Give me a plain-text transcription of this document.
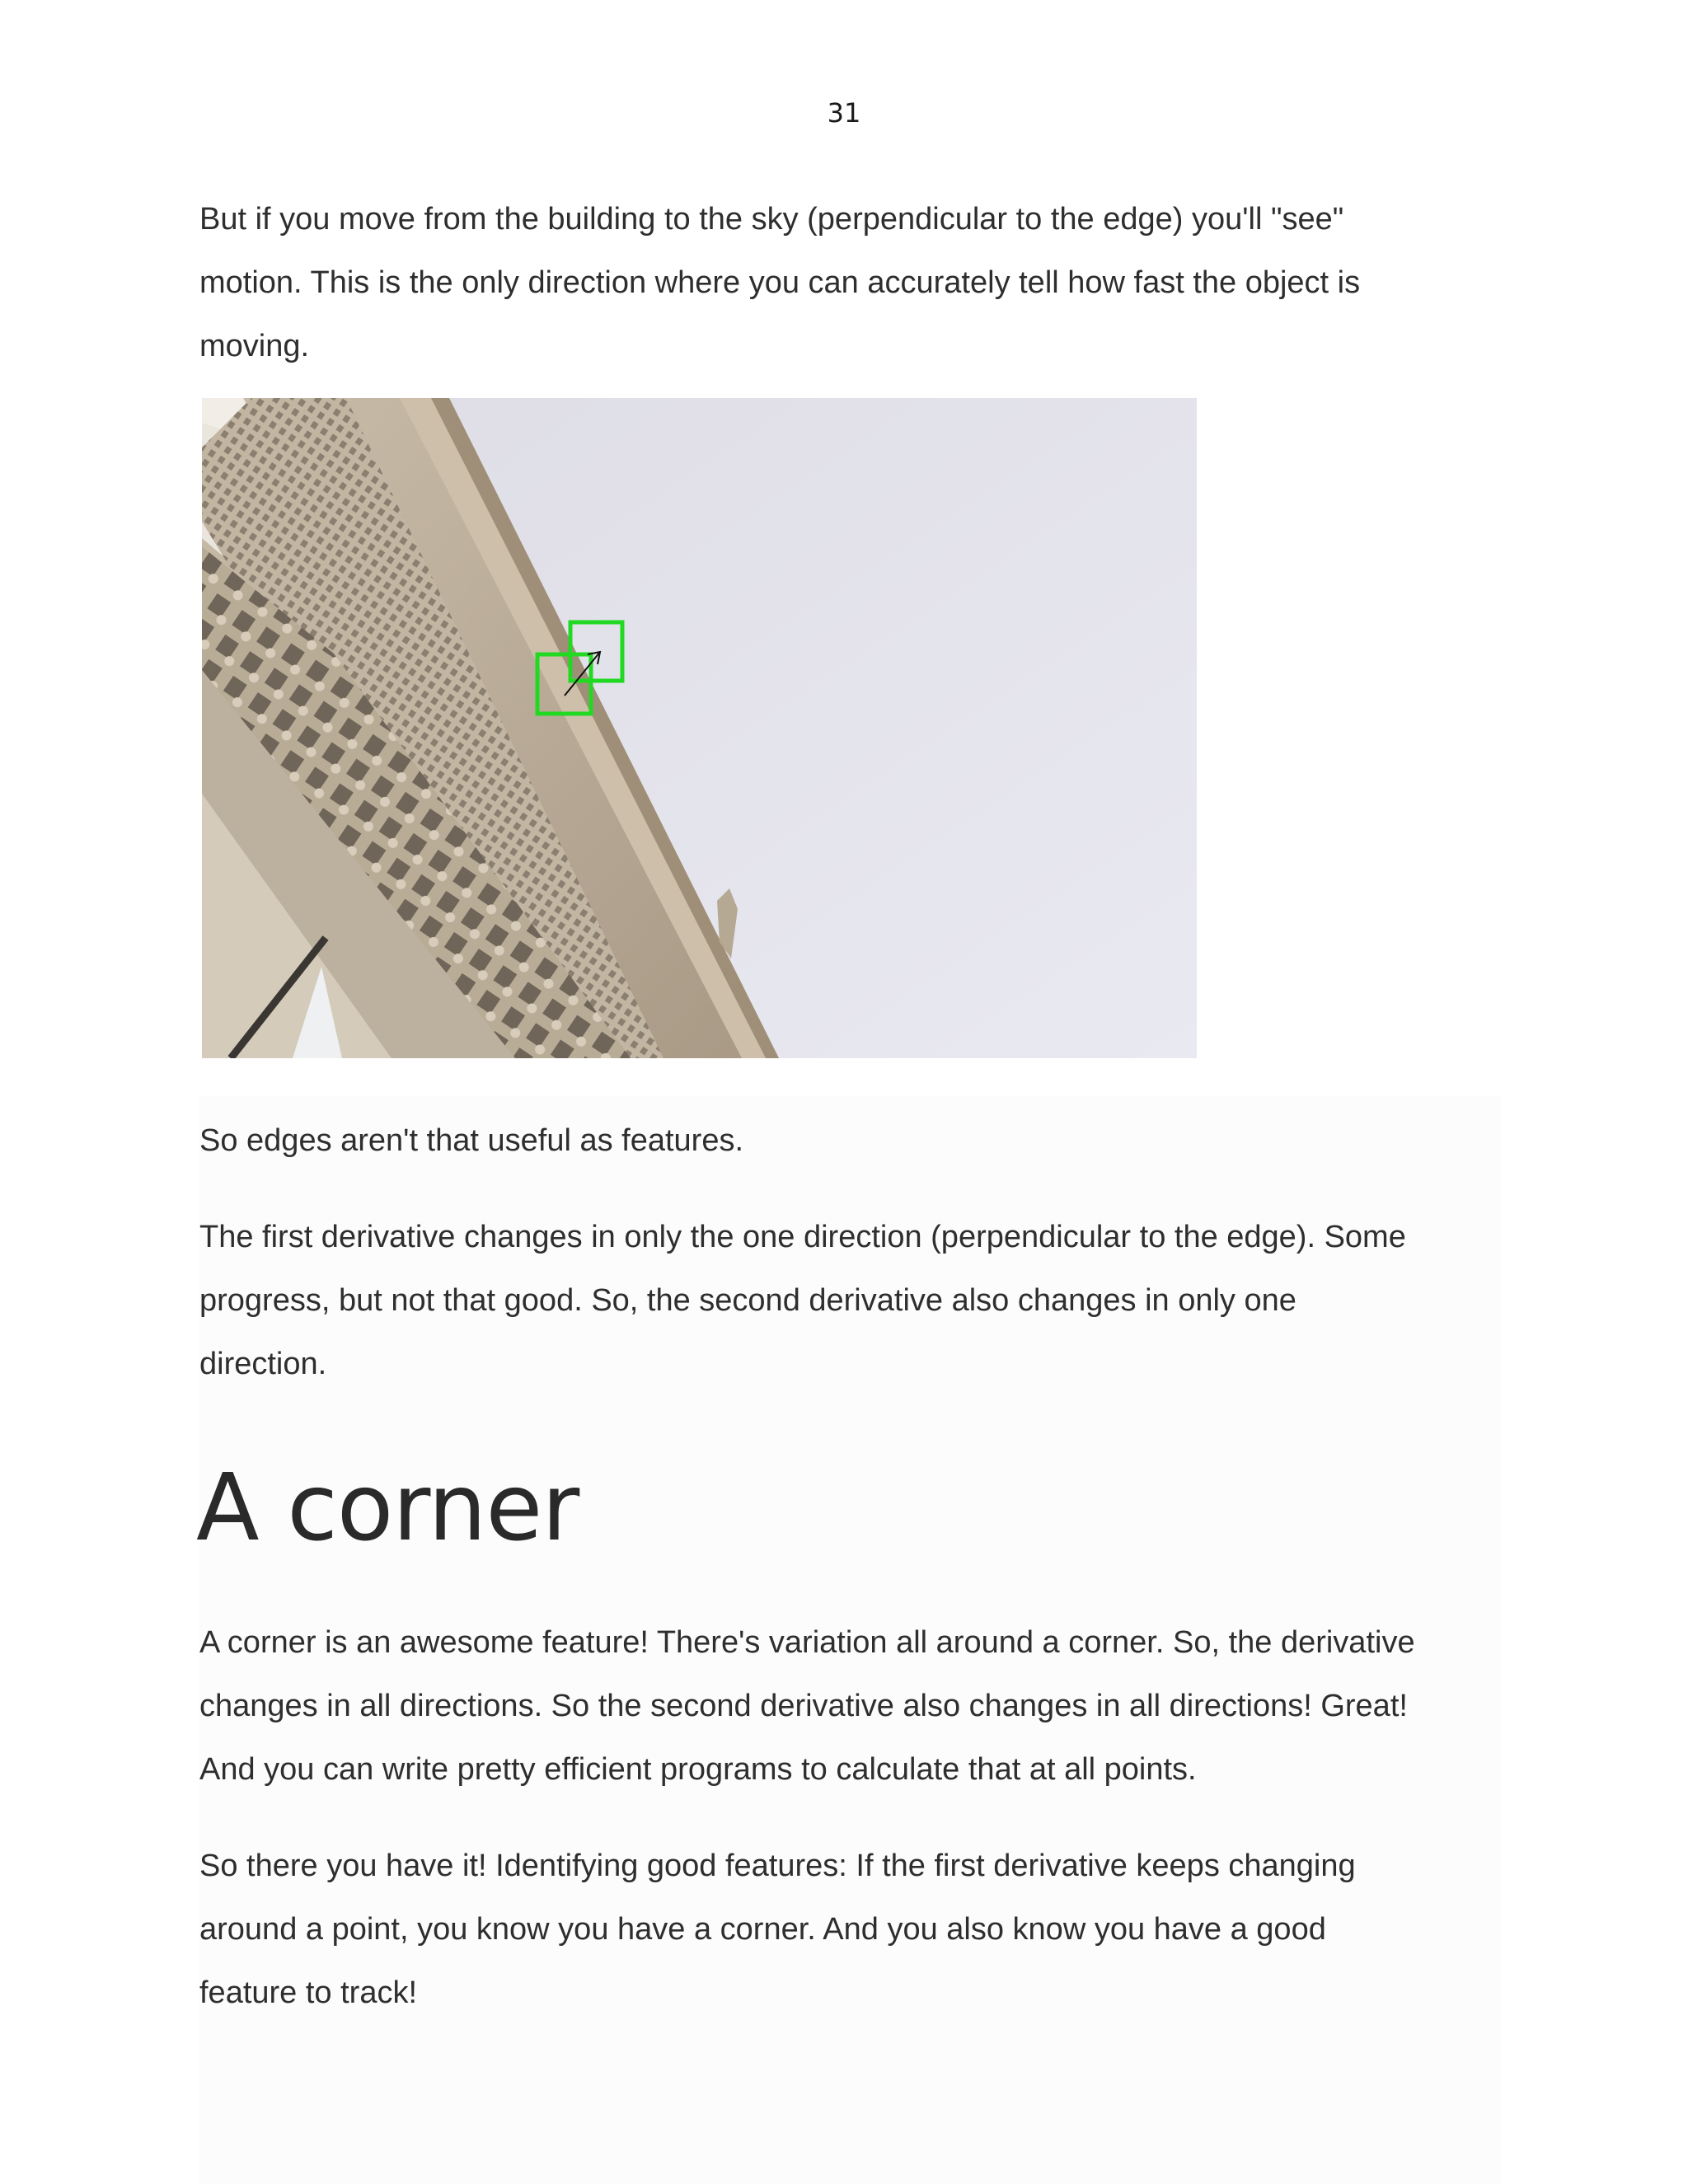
31

But if you move from the building to the sky (perpendicular to the edge) you'll "see"
motion. This is the only direction where you can accurately tell how fast the object is
moving.

So edges aren't that useful as features.

The first derivative changes in only the one direction (perpendicular to the edge). Some
progress, but not that good. So, the second derivative also changes in only one
direction.

A corner

A corner is an awesome feature! There's variation all around a corner. So, the derivative
changes in all directions. So the second derivative also changes in all directions! Great!
And you can write pretty efficient programs to calculate that at all points.

So there you have it! Identifying good features: If the first derivative keeps changing
around a point, you know you have a corner. And you also know you have a good
feature to track!
